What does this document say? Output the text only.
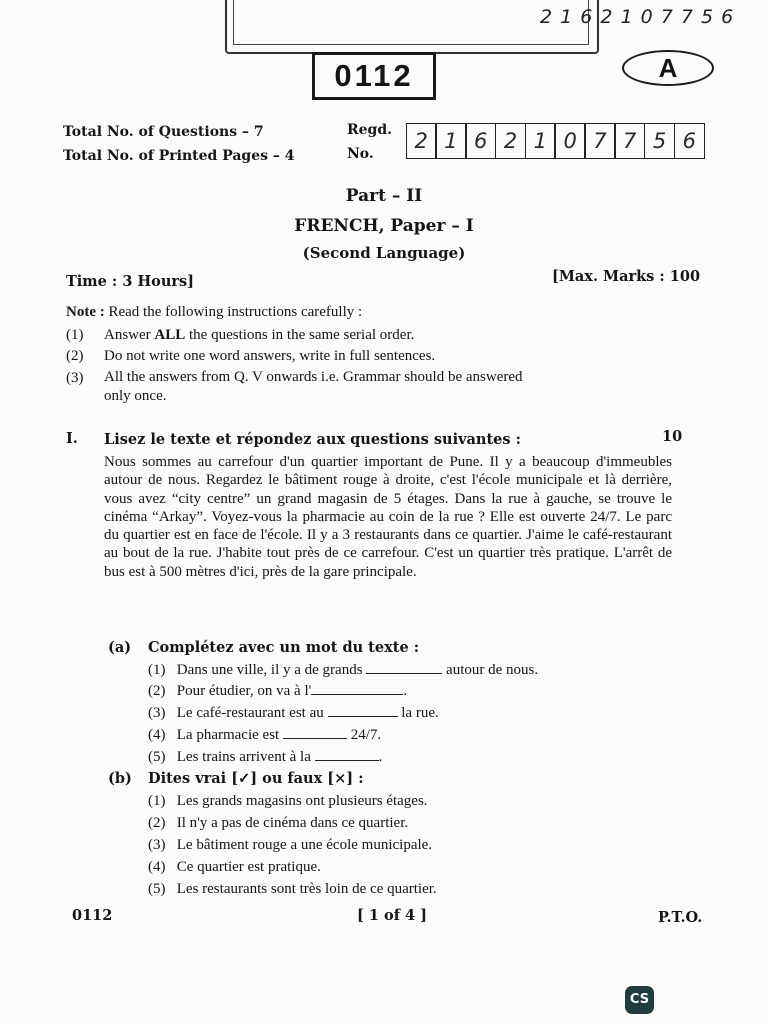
2 1 6 2 1 0 7 7 5 6
0112	A
Total No. of Questions – 7
Total No. of Printed Pages – 4
Regd.
No.
2 1 6 2 1 0 7 7 5 6
Part – II
FRENCH, Paper – I
(Second Language)
Time : 3 Hours]	[Max. Marks : 100
Note : Read the following instructions carefully :
(1) Answer ALL the questions in the same serial order.
(2) Do not write one word answers, write in full sentences.
(3) All the answers from Q. V onwards i.e. Grammar should be answered
only once.
I. Lisez le texte et répondez aux questions suivantes :	10
Nous sommes au carrefour d'un quartier important de Pune. Il y a beaucoup d'immeubles autour de nous. Regardez le bâtiment rouge à droite, c'est l'école municipale et là derrière, vous avez “city centre” un grand magasin de 5 étages. Dans la rue à gauche, se trouve le cinéma “Arkay”. Voyez-vous la pharmacie au coin de la rue ? Elle est ouverte 24/7. Le parc du quartier est en face de l'école. Il y a 3 restaurants dans ce quartier. J'aime le café-restaurant au bout de la rue. J'habite tout près de ce carrefour. C'est un quartier très pratique. L'arrêt de bus est à 500 mètres d'ici, près de la gare principale.
(a) Complétez avec un mot du texte :
(1) Dans une ville, il y a de grands	autour de nous.
(2) Pour étudier, on va à l'	.
(3) Le café-restaurant est au	la rue.
(4) La pharmacie est	24/7.
(5) Les trains arrivent à la	.
(b) Dites vrai [✓] ou faux [×] :
(1) Les grands magasins ont plusieurs étages.
(2) Il n'y a pas de cinéma dans ce quartier.
(3) Le bâtiment rouge a une école municipale.
(4) Ce quartier est pratique.
(5) Les restaurants sont très loin de ce quartier.
0112	[ 1 of 4 ]	P.T.O.
CS
